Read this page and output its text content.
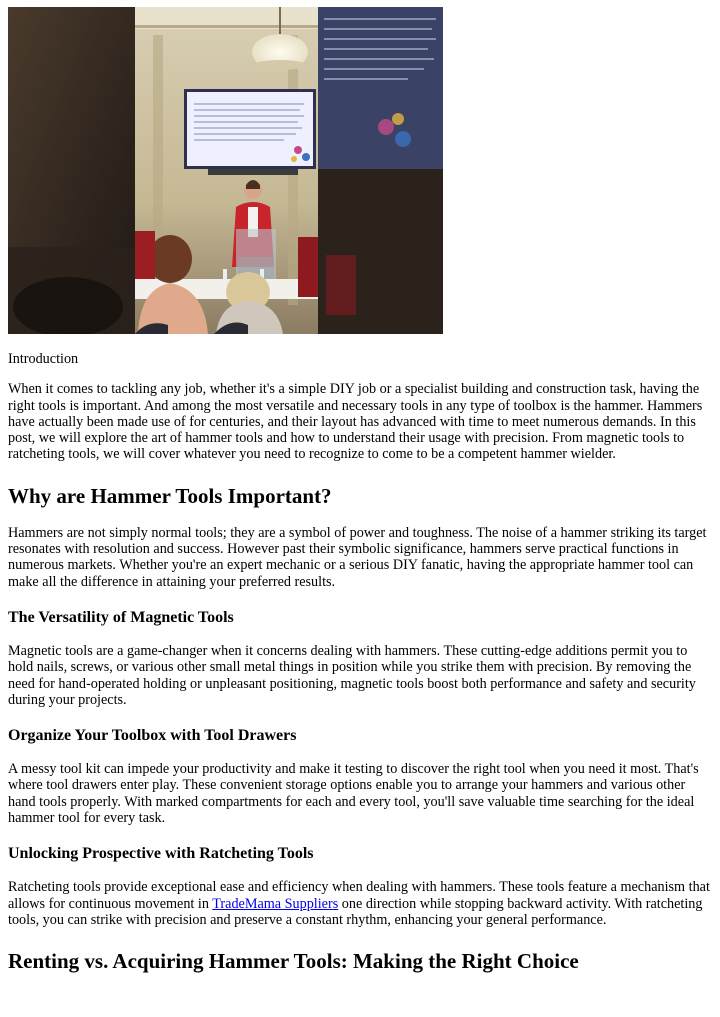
Introduction

When it comes to tackling any job, whether it's a simple DIY job or a specialist building and construction task, having the right tools is important. And among the most versatile and necessary tools in any type of toolbox is the hammer. Hammers have actually been made use of for centuries, and their layout has advanced with time to meet numerous demands. In this post, we will explore the art of hammer tools and how to understand their usage with precision. From magnetic tools to ratcheting tools, we will cover whatever you need to recognize to come to be a competent hammer wielder.

Why are Hammer Tools Important?

Hammers are not simply normal tools; they are a symbol of power and toughness. The noise of a hammer striking its target resonates with resolution and success. However past their symbolic significance, hammers serve practical functions in numerous markets. Whether you're an expert mechanic or a serious DIY fanatic, having the appropriate hammer tool can make all the difference in attaining your preferred results.

The Versatility of Magnetic Tools

Magnetic tools are a game-changer when it concerns dealing with hammers. These cutting-edge additions permit you to hold nails, screws, or various other small metal things in position while you strike them with precision. By removing the need for hand-operated holding or unpleasant positioning, magnetic tools boost both performance and safety and security during your projects.

Organize Your Toolbox with Tool Drawers

A messy tool kit can impede your productivity and make it testing to discover the right tool when you need it most. That's where tool drawers enter play. These convenient storage options enable you to arrange your hammers and various other hand tools properly. With marked compartments for each and every tool, you'll save valuable time searching for the ideal hammer tool for every task.

Unlocking Prospective with Ratcheting Tools

Ratcheting tools provide exceptional ease and efficiency when dealing with hammers. These tools feature a mechanism that allows for continuous movement in TradeMama Suppliers one direction while stopping backward activity. With ratcheting tools, you can strike with precision and preserve a constant rhythm, enhancing your general performance.

Renting vs. Acquiring Hammer Tools: Making the Right Choice
